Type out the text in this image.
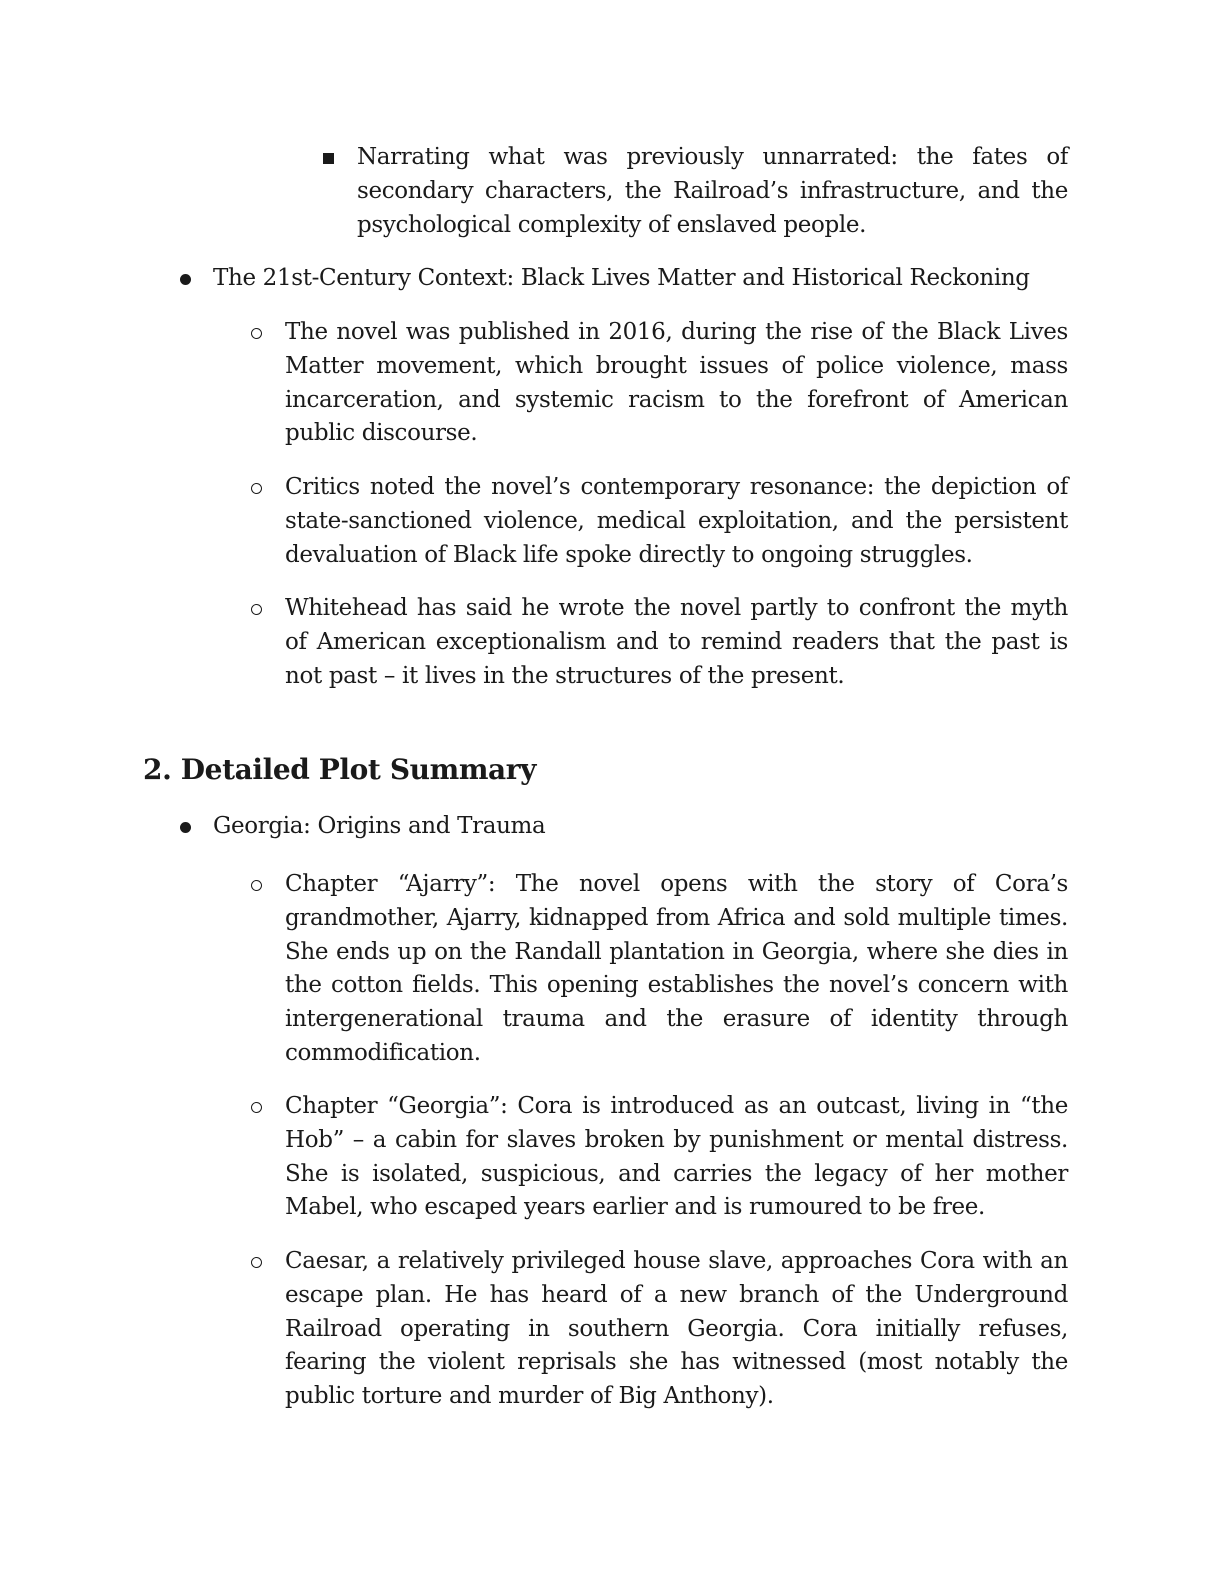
Narrating what was previously unnarrated: the fates of secondary characters, the Railroad’s infrastructure, and the psychological complexity of enslaved people.
The 21st-Century Context: Black Lives Matter and Historical Reckoning
The novel was published in 2016, during the rise of the Black Lives Matter movement, which brought issues of police violence, mass incarceration, and systemic racism to the forefront of American public discourse.
Critics noted the novel’s contemporary resonance: the depiction of state-sanctioned violence, medical exploitation, and the persistent devaluation of Black life spoke directly to ongoing struggles.
Whitehead has said he wrote the novel partly to confront the myth of American exceptionalism and to remind readers that the past is not past – it lives in the structures of the present.
2. Detailed Plot Summary
Georgia: Origins and Trauma
Chapter “Ajarry”: The novel opens with the story of Cora’s grandmother, Ajarry, kidnapped from Africa and sold multiple times. She ends up on the Randall plantation in Georgia, where she dies in the cotton fields. This opening establishes the novel’s concern with intergenerational trauma and the erasure of identity through commodification.
Chapter “Georgia”: Cora is introduced as an outcast, living in “the Hob” – a cabin for slaves broken by punishment or mental distress. She is isolated, suspicious, and carries the legacy of her mother Mabel, who escaped years earlier and is rumoured to be free.
Caesar, a relatively privileged house slave, approaches Cora with an escape plan. He has heard of a new branch of the Underground Railroad operating in southern Georgia. Cora initially refuses, fearing the violent reprisals she has witnessed (most notably the public torture and murder of Big Anthony).
